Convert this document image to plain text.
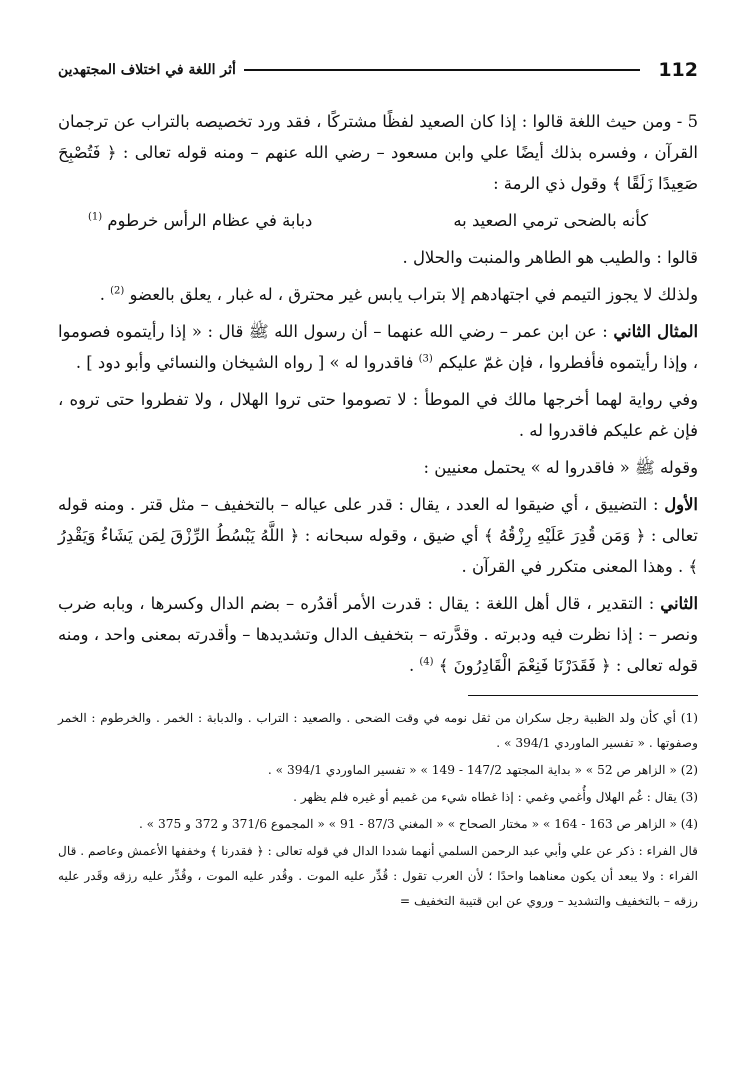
112
أثر اللغة في اختلاف المجتهدين

5 - ومن حيث اللغة قالوا : إذا كان الصعيد لفظًا مشتركًا ، فقد ورد تخصيصه بالتراب عن ترجمان القرآن ، وفسره بذلك أيضًا علي وابن مسعود – رضي الله عنهم – ومنه قوله تعالى : ﴿ فَتُصْبِحَ صَعِيدًا زَلَقًا ﴾ وقول ذي الرمة :

كأنه بالضحى ترمي الصعيد به
دبابة في عظام الرأس خرطوم $^{(1)}$

قالوا : والطيب هو الطاهر والمنبت والحلال .

ولذلك لا يجوز التيمم في اجتهادهم إلا بتراب يابس غير محترق ، له غبار ، يعلق بالعضو $^{(2)}$ .

المثال الثاني : عن ابن عمر – رضي الله عنهما – أن رسول الله ﷺ قال : « إذا رأيتموه فصوموا ، وإذا رأيتموه فأفطروا ، فإن غمّ عليكم $^{(3)}$ فاقدروا له » [ رواه الشيخان والنسائي وأبو دود ] .

وفي رواية لهما أخرجها مالك في الموطأ : لا تصوموا حتى تروا الهلال ، ولا تفطروا حتى تروه ، فإن غم عليكم فاقدروا له .

وقوله ﷺ « فاقدروا له » يحتمل معنيين :

الأول : التضييق ، أي ضيقوا له العدد ، يقال : قدر على عياله – بالتخفيف – مثل قتر . ومنه قوله تعالى : ﴿ وَمَن قُدِرَ عَلَيْهِ رِزْقُهُ ﴾ أي ضيق ، وقوله سبحانه : ﴿ اللَّهُ يَبْسُطُ الرِّزْقَ لِمَن يَشَاءُ وَيَقْدِرُ ﴾ . وهذا المعنى متكرر في القرآن .

الثاني : التقدير ، قال أهل اللغة : يقال : قدرت الأمر أقدُره – بضم الدال وكسرها ، وبابه ضرب ونصر – : إذا نظرت فيه ودبرته . وقدَّرته – بتخفيف الدال وتشديدها – وأقدرته بمعنى واحد ، ومنه قوله تعالى : ﴿ فَقَدَرْنَا فَنِعْمَ الْقَادِرُونَ ﴾ $^{(4)}$ .

(1) أي كأن ولد الظبية رجل سكران من ثقل نومه في وقت الضحى . والصعيد : التراب . والدبابة : الخمر . والخرطوم : الخمر وصفوتها . « تفسير الماوردي 394/1 » .

(2) « الزاهر ص 52 » « بداية المجتهد 147/2 - 149 » « تفسير الماوردي 394/1 » .

(3) يقال : غُم الهلال وأُغمي وغمي : إذا غطاه شيء من غميم أو غيره فلم يظهر .

(4) « الزاهر ص 163 - 164 » « مختار الصحاح » « المغني 87/3 - 91 » « المجموع 371/6 و 372 و 375 » .

قال الفراء : ذكر عن علي وأبي عبد الرحمن السلمي أنهما شددا الدال في قوله تعالى : ﴿ فقدرنا ﴾ وخففها الأعمش وعاصم . قال الفراء : ولا يبعد أن يكون معناهما واحدًا ؛ لأن العرب تقول : قُدِّر عليه الموت . وقُدر عليه الموت ، وقُدِّر عليه رزقه وقَدر عليه رزقه – بالتخفيف والتشديد – وروي عن ابن قتيبة التخفيف =
